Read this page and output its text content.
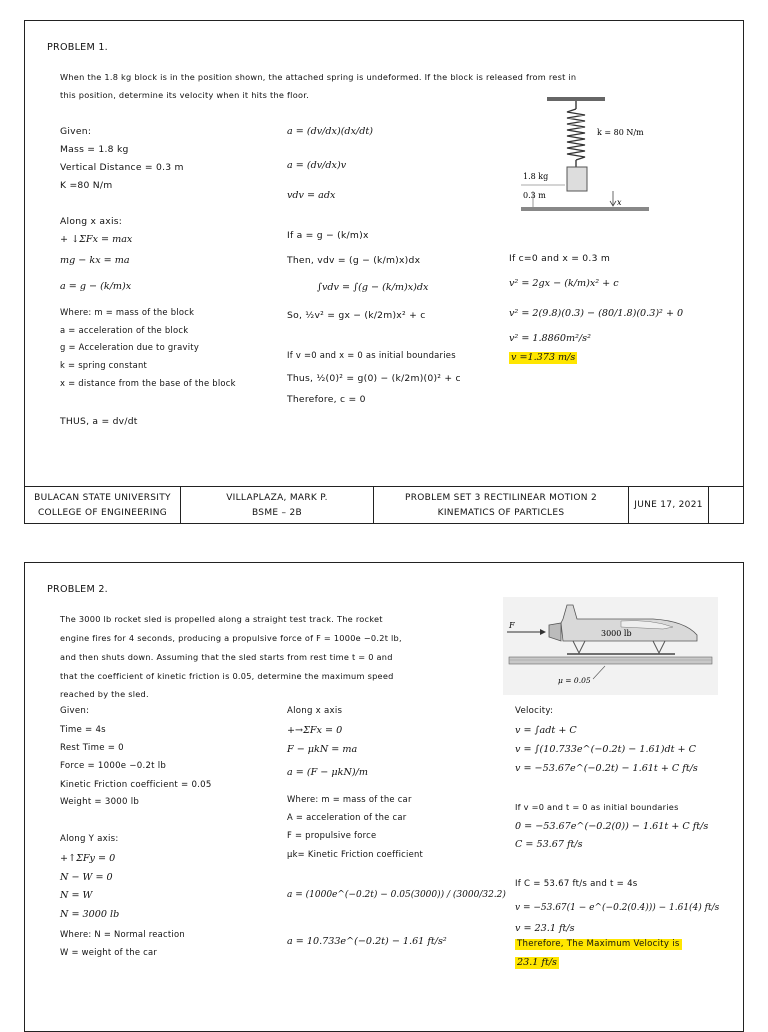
PROBLEM 1.
When the 1.8 kg block is in the position shown, the attached spring is undeformed. If the block is released from rest in
this position, determine its velocity when it hits the floor.
Given:
Mass = 1.8 kg
Vertical Distance = 0.3 m
K =80 N/m
Along x axis:
+ ↓ΣFx = max
mg − kx = ma
a = g − (k/m)x
Where: m = mass of the block
a = acceleration of the block
g = Acceleration due to gravity
k = spring constant
x = distance from the base of the block
THUS, a = dv/dt
a = (dv/dx)(dx/dt)
a = (dv/dx)v
vdv = adx
If a = g − (k/m)x
Then, vdv = (g − (k/m)x)dx
∫vdv = ∫(g − (k/m)x)dx
So, ½v² = gx − (k/2m)x² + c
If v =0 and x = 0 as initial boundaries
Thus, ½(0)² = g(0) − (k/2m)(0)² + c
Therefore, c = 0
If c=0 and x = 0.3 m
v² = 2gx − (k/m)x² + c
v² = 2(9.8)(0.3) − (80/1.8)(0.3)² + 0
v² = 1.8860m²/s²
v =1.373 m/s
k = 80 N/m
1.8 kg
0.3 m
x
BULACAN STATE UNIVERSITY
COLLEGE OF ENGINEERING
VILLAPLAZA, MARK P.
BSME – 2B
PROBLEM SET 3 RECTILINEAR MOTION 2
KINEMATICS OF PARTICLES
JUNE 17, 2021
PROBLEM 2.
The 3000 lb rocket sled is propelled along a straight test track. The rocket
engine fires for 4 seconds, producing a propulsive force of F = 1000e −0.2t lb,
and then shuts down. Assuming that the sled starts from rest time t = 0 and
that the coefficient of kinetic friction is 0.05, determine the maximum speed
reached by the sled.
Given:
Time = 4s
Rest Time = 0
Force = 1000e −0.2t lb
Kinetic Friction coefficient = 0.05
Weight = 3000 lb
Along Y axis:
+↑ΣFy = 0
N − W = 0
N = W
N = 3000 lb
Where: N = Normal reaction
W = weight of the car
Along x axis
+→ΣFx = 0
F − μkN = ma
a = (F − μkN)/m
Where: m = mass of the car
A = acceleration of the car
F = propulsive force
μk= Kinetic Friction coefficient
a = (1000e^(−0.2t) − 0.05(3000)) / (3000/32.2)
a = 10.733e^(−0.2t) − 1.61 ft/s²
Velocity:
v = ∫adt + C
v = ∫(10.733e^(−0.2t) − 1.61)dt + C
v = −53.67e^(−0.2t) − 1.61t + C ft/s
If v =0 and t = 0 as initial boundaries
0 = −53.67e^(−0.2(0)) − 1.61t + C ft/s
C = 53.67 ft/s
If C = 53.67 ft/s and t = 4s
v = −53.67(1 − e^(−0.2(0.4))) − 1.61(4) ft/s
v = 23.1 ft/s
Therefore, The Maximum Velocity is
23.1 ft/s
F
3000 lb
μ = 0.05
